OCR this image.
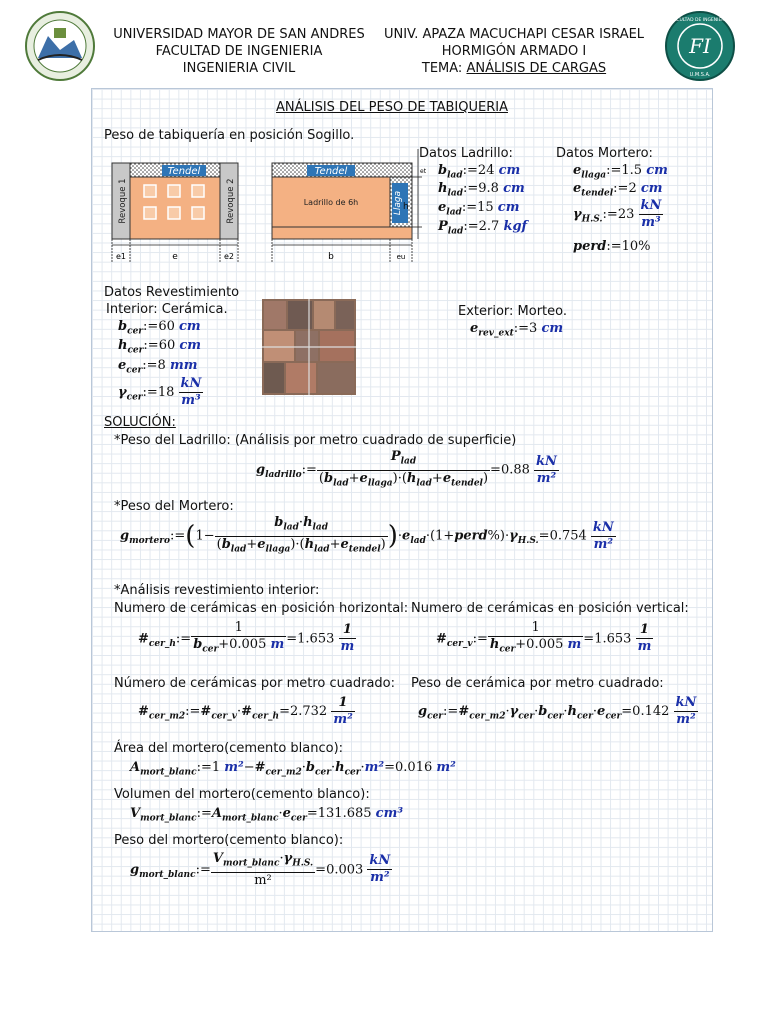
UNIVERSIDAD MAYOR DE SAN ANDRES
FACULTAD DE INGENIERIA
INGENIERIA CIVIL
UNIV. APAZA MACUCHAPI CESAR ISRAEL
HORMIGÓN ARMADO I
TEMA: ANÁLISIS DE CARGAS
FI
FACULTAD DE INGENIERIA
U.M.S.A.
ANÁLISIS DEL PESO DE TABIQUERIA
Peso de tabiquería en posición Sogillo.
Tendel
Revoque 1	Revoque 2
e1	e	e2
Tendel
Ladrillo de 6h	Llaga
b	eu
et
h
Datos Ladrillo:
$b_{lad}:=24$ cm
$h_{lad}:=9.8$ cm
$e_{lad}:=15$ cm
$P_{lad}:=2.7$ kgf
Datos Mortero:
$e_{llaga}:=1.5$ cm
$e_{tendel}:=2$ cm
$\gamma_{H.S.}:=23 \frac{kN}{\text{m³}}$
perd:=10%
Datos Revestimiento
Interior: Cerámica.
$b_{cer}:=60$ cm
$h_{cer}:=60$ cm
$e_{cer}:=8$ mm
$\gamma_{cer}:=18 \frac{kN}{\text{m³}}$
Exterior: Morteo.
$e_{rev\_ext}:=3$ cm
SOLUCIÓN:
*Peso del Ladrillo: (Análisis por metro cuadrado de superficie)
$g_{ladrillo}:= \frac{P_{lad}}{(b_{lad}+e_{llaga})\cdot(h_{lad}+e_{tendel})} =0.88 \frac{kN}{\text{m²}}$
*Peso del Mortero:
$g_{mortero}:=(1- \frac{b_{lad}\cdot h_{lad}}{(b_{lad}+e_{llaga})\cdot(h_{lad}+e_{tendel})}$ )$\cdot e_{lad}\cdot(1+perd\%)\cdot\gamma_{H.S.}=0.754 \frac{kN}{\text{m²}}$
*Análisis revestimiento interior:
Numero de cerámicas en posición horizontal:
$\#_{cer\_h}:= \frac{1}{b_{cer}+0.005 m} =1.653 \frac{1}{m}$
Numero de cerámicas en posición vertical:
$\#_{cer\_v}:= \frac{1}{h_{cer}+0.005 m} =1.653 \frac{1}{m}$
Número de cerámicas por metro cuadrado:
$\#_{cer\_m2}:=\#_{cer\_v}\cdot\#_{cer\_h}=2.732 \frac{1}{\text{m²}}$
Peso de cerámica por metro cuadrado:
$g_{cer}:=\#_{cer\_m2}\cdot\gamma_{cer}\cdot b_{cer}\cdot h_{cer}\cdot e_{cer}=0.142 \frac{kN}{\text{m²}}$
Área del mortero(cemento blanco):
$A_{mort\_blanc}:=1$ $m^2-\#_{cer\_m2}\cdot b_{cer}\cdot h_{cer}\cdot m^2=0.016$ m²
Volumen del mortero(cemento blanco):
$V_{mort\_blanc}:=A_{mort\_blanc}\cdot e_{cer}=131.685$ cm³
Peso del mortero(cemento blanco):
$g_{mort\_blanc}:= \frac{V_{mort\_blanc}\cdot\gamma_{H.S.}}{\text{m²}} =0.003 \frac{kN}{\text{m²}}$
